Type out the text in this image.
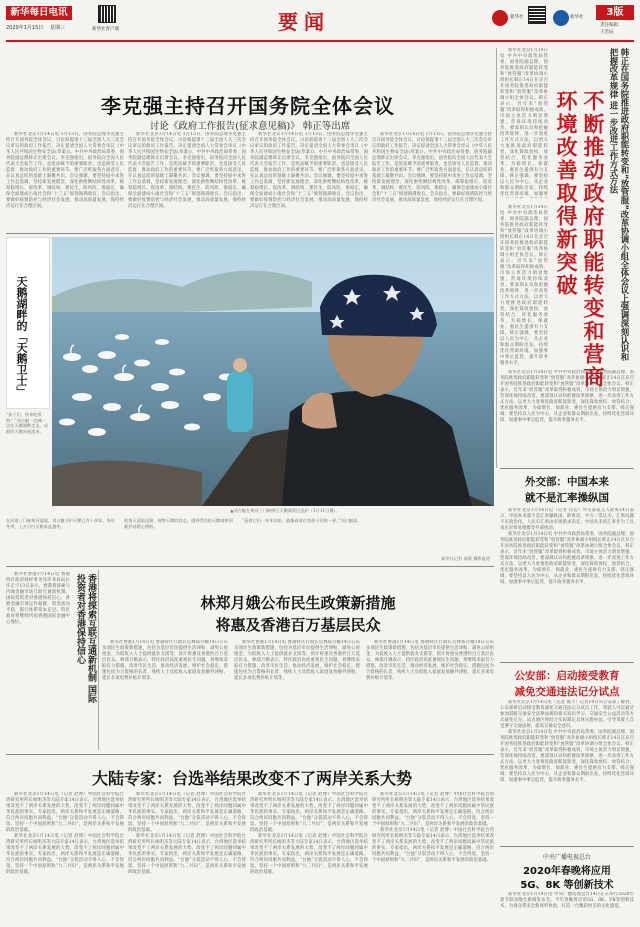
新华每日电讯
2020年1月15日 星期三	新华社客户端	要闻	新华社	新华社	3版
责任编辑
王若辰
李克强主持召开国务院全体会议
讨论《政府工作报告(征求意见稿)》 韩正等出席

新华社北京1月14日电 1月13日，国务院总理李克强主持召开国务院全体会议，讨论拟提请十三届全国人大三次会议审议的政府工作报告，决定提请全国人大常委会审议《中华人民共和国生物安全法(草案)》。中共中央政治局常委、国务院副总理韩正出席会议。李克强指出，国务院向全国人民代表大会报告工作，是宪法赋予的重要职责，也是接受人民监督、推动政府工作的重要环节。要广泛听取各方面意见，在认真总结的基础上凝聚共识。会议强调，要坚持稳中求进工作总基调，坚持新发展理念，深化供给侧结构性改革，统筹稳增长、促改革、调结构、惠民生、防风险、保稳定，确保全面建成小康社会和“十三五”规划圆满收官。会议指出，要做好疫情防控与经济社会发展，推动高质量发展，保持经济运行在合理区间。

新华社北京1月14日电 1月13日，国务院总理李克强主持召开国务院全体会议，讨论拟提请十三届全国人大三次会议审议的政府工作报告，决定提请全国人大常委会审议《中华人民共和国生物安全法(草案)》。中共中央政治局常委、国务院副总理韩正出席会议。李克强指出，国务院向全国人民代表大会报告工作，是宪法赋予的重要职责，也是接受人民监督、推动政府工作的重要环节。要广泛听取各方面意见，在认真总结的基础上凝聚共识。会议强调，要坚持稳中求进工作总基调，坚持新发展理念，深化供给侧结构性改革，统筹稳增长、促改革、调结构、惠民生、防风险、保稳定，确保全面建成小康社会和“十三五”规划圆满收官。会议指出，要做好疫情防控与经济社会发展，推动高质量发展，保持经济运行在合理区间。

新华社北京1月14日电 1月13日，国务院总理李克强主持召开国务院全体会议，讨论拟提请十三届全国人大三次会议审议的政府工作报告，决定提请全国人大常委会审议《中华人民共和国生物安全法(草案)》。中共中央政治局常委、国务院副总理韩正出席会议。李克强指出，国务院向全国人民代表大会报告工作，是宪法赋予的重要职责，也是接受人民监督、推动政府工作的重要环节。要广泛听取各方面意见，在认真总结的基础上凝聚共识。会议强调，要坚持稳中求进工作总基调，坚持新发展理念，深化供给侧结构性改革，统筹稳增长、促改革、调结构、惠民生、防风险、保稳定，确保全面建成小康社会和“十三五”规划圆满收官。会议指出，要做好疫情防控与经济社会发展，推动高质量发展，保持经济运行在合理区间。

新华社北京1月14日电 1月13日，国务院总理李克强主持召开国务院全体会议，讨论拟提请十三届全国人大三次会议审议的政府工作报告，决定提请全国人大常委会审议《中华人民共和国生物安全法(草案)》。中共中央政治局常委、国务院副总理韩正出席会议。李克强指出，国务院向全国人民代表大会报告工作，是宪法赋予的重要职责，也是接受人民监督、推动政府工作的重要环节。要广泛听取各方面意见，在认真总结的基础上凝聚共识。会议强调，要坚持稳中求进工作总基调，坚持新发展理念，深化供给侧结构性改革，统筹稳增长、促改革、调结构、惠民生、防风险、保稳定，确保全面建成小康社会和“十三五”规划圆满收官。会议指出，要做好疫情防控与经济社会发展，推动高质量发展，保持经济运行在合理区间。

新华社北京1月14日电 中共中央政治局常委、国务院副总理、国务院推进政府职能转变和“放管服”改革协调小组组长韩正14日在京召开国务院推进政府职能转变和“放管服”改革协调小组全体会议。韩正表示，近年来“放管服”改革取得积极成效，市场主体活力明显增强，营商环境持续改善。要深刻认识和把握改革规律，进一步改进工作方式方法，以更大力度推进政府职能转变，深化简政放权、放管结合、优化服务改革，为稳增长、保就业、惠民生提供有力支撑。韩正强调，要坚持以人民为中心，从企业和群众期盼出发，持续优化营商环境，加强事	不断推动政府职能转变和营商环境改善取得新突破	韩正在国务院推进政府职能转变和“放管服”改革协调小组全体会议上强调深刻认识和把握改革规律 进一步改进工作方式方法

新华社北京1月14日电 中共中央政治局常委、国务院副总理、国务院推进政府职能转变和“放管服”改革协调小组组长韩正14日在京召开国务院推进政府职能转变和“放管服”改革协调小组全体会议。韩正表示，近年来“放管服”改革取得积极成效，市场主体活力明显增强，营商环境持续改善。要深刻认识和把握改革规律，进一步改进工作方式方法，以更大力度推进政府职能转变，深化简政放权、放管结合、优化服务改革，为稳增长、保就业、惠民生提供有力支撑。韩正强调，要坚持以人民为中心，从企业和群众期盼出发，持续优化营商环境，加强事中事后监管，提升政务服务水平。

新华社北京1月14日电 中共中央政治局常委、国务院副总理、国务院推进政府职能转变和“放管服”改革协调小组组长韩正14日在京召开国务院推进政府职能转变和“放管服”改革协调小组全体会议。韩正表示，近年来“放管服”改革取得积极成效，市场主体活力明显增强，营商环境持续改善。要深刻认识和把握改革规律，进一步改进工作方式方法，以更大力度推进政府职能转变，深化简政放权、放管结合、优化服务改革，为稳增长、保就业、惠民生提供有力支撑。韩正强调，要坚持以人民为中心，从企业和群众期盼出发，持续优化营商环境，加强事中事后监管，提升政务服务水平。

天鹅湖畔的「天鹅卫士」
▲刘占魁在黄河三门峡库区天鹅湖景区巡护（1月11日摄）。
“孩子们，快来吃饭咯！”刘占魁一边喊一边往天鹅湖畔走去，成群的天鹅向他游来。
在河南三门峡黄河湿地，刘占魁守护天鹅已有十余年。每年冬季，上万只白天鹅来此越冬。
他每天清晨巡湖，观察天鹅的状态，遇到受伤的天鹅就带回救护站精心照料。
“看着它们一年年回来，就像看着自家孩子回家一样。”刘占魁说。
新华社记者 郝源 摄影报道
外交部：中国本来
就不是汇率操纵国

新华社北京1月14日电（记者 伍岳）外交部发言人耿爽14日表示，中国本来就不是汇率操纵国。耿爽说，中方一贯认为，汇率问题不应政治化。人民币汇率由市场供求决定，中国从未将汇率作为工具来应对贸易摩擦等外部扰动。

新华社北京1月14日电 中共中央政治局常委、国务院副总理、国务院推进政府职能转变和“放管服”改革协调小组组长韩正14日在京召开国务院推进政府职能转变和“放管服”改革协调小组全体会议。韩正表示，近年来“放管服”改革取得积极成效，市场主体活力明显增强，营商环境持续改善。要深刻认识和把握改革规律，进一步改进工作方式方法，以更大力度推进政府职能转变，深化简政放权、放管结合、优化服务改革，为稳增长、保就业、惠民生提供有力支撑。韩正强调，要坚持以人民为中心，从企业和群众期盼出发，持续优化营商环境，加强事中事后监管，提升政务服务水平。

新华社香港1月14日电 香港特区政府财经事务及库务局局长许正宇13日表示，香港将探索与内地金融市场互联互通新机制。国际投资者对香港保持信心，香港金融市场运作稳健，资金流动平稳，银行体系资本充足。特区政府将继续巩固香港国际金融中心地位。	香港将探索互联互通新机制 国际投资者对香港保持信心	林郑月娥公布民生政策新措施
将惠及香港百万基层民众

新华社香港1月14日电 香港特区行政长官林郑月娥14日公布多项民生政策新措施，包括为基层市民提供生活津贴、减免公屋租金、为低收入人士提供就业支援等，预计将惠及香港约百万基层民众。林郑月娥表示，特区政府高度重视民生问题，将继续采取有力措施，改善市民生活，推动经济发展，维护社会稳定。措施包括为合资格的长者、残疾人士及低收入家庭发放额外津贴，延长多项电费补贴计划等。

新华社香港1月14日电 香港特区行政长官林郑月娥14日公布多项民生政策新措施，包括为基层市民提供生活津贴、减免公屋租金、为低收入人士提供就业支援等，预计将惠及香港约百万基层民众。林郑月娥表示，特区政府高度重视民生问题，将继续采取有力措施，改善市民生活，推动经济发展，维护社会稳定。措施包括为合资格的长者、残疾人士及低收入家庭发放额外津贴，延长多项电费补贴计划等。

新华社香港1月14日电 香港特区行政长官林郑月娥14日公布多项民生政策新措施，包括为基层市民提供生活津贴、减免公屋租金、为低收入人士提供就业支援等，预计将惠及香港约百万基层民众。林郑月娥表示，特区政府高度重视民生问题，将继续采取有力措施，改善市民生活，推动经济发展，维护社会稳定。措施包括为合资格的长者、残疾人士及低收入家庭发放额外津贴，延长多项电费补贴计划等。	公安部：启动接受教育
减免交通违法记分试点

新华社北京1月14日电（记者 熊丰）记者14日从公安部了解到，公安部将启动接受教育减免交通违法记分试点工作，驾驶人可以通过参加道路交通安全法律法规和相关知识学习、交通安全公益活动等方式减免记分。试点地区将结合实际制定具体实施办法，引导驾驶人自觉遵守交通法规，提高交通安全意识。

新华社北京1月14日电 中共中央政治局常委、国务院副总理、国务院推进政府职能转变和“放管服”改革协调小组组长韩正14日在京召开国务院推进政府职能转变和“放管服”改革协调小组全体会议。韩正表示，近年来“放管服”改革取得积极成效，市场主体活力明显增强，营商环境持续改善。要深刻认识和把握改革规律，进一步改进工作方式方法，以更大力度推进政府职能转变，深化简政放权、放管结合、优化服务改革，为稳增长、保就业、惠民生提供有力支撑。韩正强调，要坚持以人民为中心，从企业和群众期盼出发，持续优化营商环境，加强事中事后监管，提升政务服务水平。

大陆专家：台选举结果改变不了两岸关系大势

新华社北京1月14日电（记者 赵博）中国社会科学院台湾研究所所长杨明杰等大陆专家14日表示，台湾地区选举结果改变不了两岸关系发展的大势，改变不了两岸同胞同属中华民族的事实。专家指出，两岸关系和平发展是正确道路，符合两岸同胞共同利益。“台独”分裂活动不得人心，不会得逞。坚持一个中国原则和“九二共识”，是两岸关系和平发展的政治基础。

新华社北京1月14日电（记者 赵博）中国社会科学院台湾研究所所长杨明杰等大陆专家14日表示，台湾地区选举结果改变不了两岸关系发展的大势，改变不了两岸同胞同属中华民族的事实。专家指出，两岸关系和平发展是正确道路，符合两岸同胞共同利益。“台独”分裂活动不得人心，不会得逞。坚持一个中国原则和“九二共识”，是两岸关系和平发展的政治基础。

新华社北京1月14日电（记者 赵博）中国社会科学院台湾研究所所长杨明杰等大陆专家14日表示，台湾地区选举结果改变不了两岸关系发展的大势，改变不了两岸同胞同属中华民族的事实。专家指出，两岸关系和平发展是正确道路，符合两岸同胞共同利益。“台独”分裂活动不得人心，不会得逞。坚持一个中国原则和“九二共识”，是两岸关系和平发展的政治基础。

新华社北京1月14日电（记者 赵博）中国社会科学院台湾研究所所长杨明杰等大陆专家14日表示，台湾地区选举结果改变不了两岸关系发展的大势，改变不了两岸同胞同属中华民族的事实。专家指出，两岸关系和平发展是正确道路，符合两岸同胞共同利益。“台独”分裂活动不得人心，不会得逞。坚持一个中国原则和“九二共识”，是两岸关系和平发展的政治基础。

新华社北京1月14日电（记者 赵博）中国社会科学院台湾研究所所长杨明杰等大陆专家14日表示，台湾地区选举结果改变不了两岸关系发展的大势，改变不了两岸同胞同属中华民族的事实。专家指出，两岸关系和平发展是正确道路，符合两岸同胞共同利益。“台独”分裂活动不得人心，不会得逞。坚持一个中国原则和“九二共识”，是两岸关系和平发展的政治基础。

新华社北京1月14日电（记者 赵博）中国社会科学院台湾研究所所长杨明杰等大陆专家14日表示，台湾地区选举结果改变不了两岸关系发展的大势，改变不了两岸同胞同属中华民族的事实。专家指出，两岸关系和平发展是正确道路，符合两岸同胞共同利益。“台独”分裂活动不得人心，不会得逞。坚持一个中国原则和“九二共识”，是两岸关系和平发展的政治基础。

新华社北京1月14日电（记者 赵博）中国社会科学院台湾研究所所长杨明杰等大陆专家14日表示，台湾地区选举结果改变不了两岸关系发展的大势，改变不了两岸同胞同属中华民族的事实。专家指出，两岸关系和平发展是正确道路，符合两岸同胞共同利益。“台独”分裂活动不得人心，不会得逞。坚持一个中国原则和“九二共识”，是两岸关系和平发展的政治基础。

新华社北京1月14日电（记者 赵博）中国社会科学院台湾研究所所长杨明杰等大陆专家14日表示，台湾地区选举结果改变不了两岸关系发展的大势，改变不了两岸同胞同属中华民族的事实。专家指出，两岸关系和平发展是正确道路，符合两岸同胞共同利益。“台独”分裂活动不得人心，不会得逞。坚持一个中国原则和“九二共识”，是两岸关系和平发展的政治基础。	中央广播电视总台
2020年春晚将应用
5G、8K 等创新技术

新华社北京1月14日电 中央广播电视总台14日在京举行2020年春节联欢晚会新闻发布会。今年春晚将应用5G、8K、VR等创新技术，为观众带来全新视听体验，打造一台精彩纷呈的文化盛宴。
